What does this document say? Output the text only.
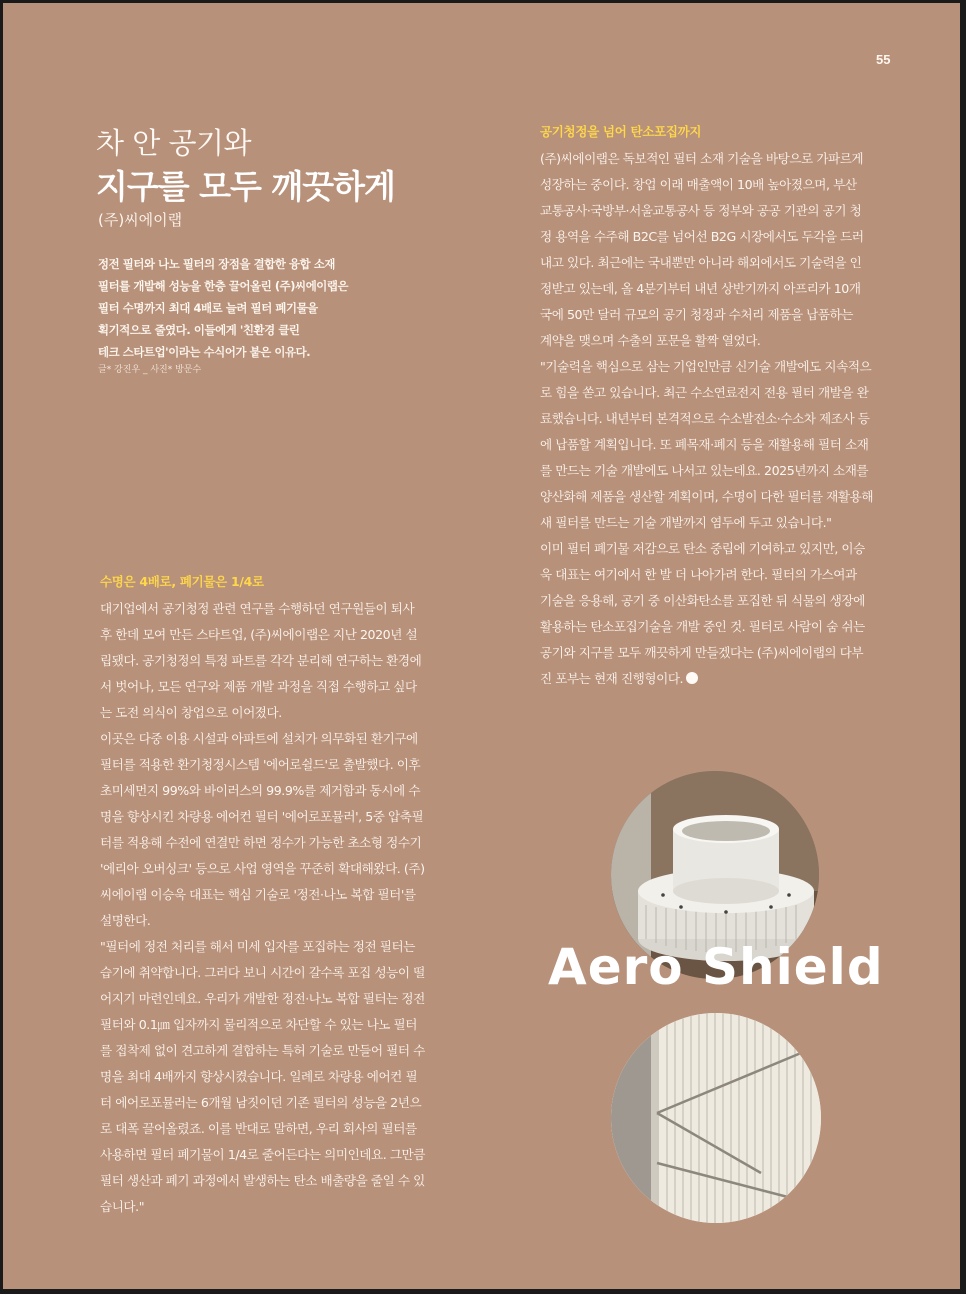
55
차 안 공기와
지구를 모두 깨끗하게
(주)씨에이랩
정전 필터와 나노 필터의 장점을 결합한 융합 소재
필터를 개발해 성능을 한층 끌어올린 (주)씨에이랩은
필터 수명까지 최대 4배로 늘려 필터 폐기물을
획기적으로 줄였다. 이들에게 '친환경 클린
테크 스타트업'이라는 수식어가 붙은 이유다.
글* 강진우 _ 사진* 방문수
수명은 4배로, 폐기물은 1/4로
대기업에서 공기청정 관련 연구를 수행하던 연구원들이 퇴사
후 한데 모여 만든 스타트업, (주)씨에이랩은 지난 2020년 설
립됐다. 공기청정의 특정 파트를 각각 분리해 연구하는 환경에
서 벗어나, 모든 연구와 제품 개발 과정을 직접 수행하고 싶다
는 도전 의식이 창업으로 이어졌다.
이곳은 다중 이용 시설과 아파트에 설치가 의무화된 환기구에
필터를 적용한 환기청정시스템 '에어로쉴드'로 출발했다. 이후
초미세먼지 99%와 바이러스의 99.9%를 제거함과 동시에 수
명을 향상시킨 차량용 에어컨 필터 '에어로포뮬러', 5중 압축필
터를 적용해 수전에 연결만 하면 정수가 가능한 초소형 정수기
'에리아 오버싱크' 등으로 사업 영역을 꾸준히 확대해왔다. (주)
씨에이랩 이승욱 대표는 핵심 기술로 '정전·나노 복합 필터'를
설명한다.
"필터에 정전 처리를 해서 미세 입자를 포집하는 정전 필터는
습기에 취약합니다. 그러다 보니 시간이 갈수록 포집 성능이 떨
어지기 마련인데요. 우리가 개발한 정전·나노 복합 필터는 정전
필터와 0.1㎛ 입자까지 물리적으로 차단할 수 있는 나노 필터
를 접착제 없이 견고하게 결합하는 특허 기술로 만들어 필터 수
명을 최대 4배까지 향상시켰습니다. 일례로 차량용 에어컨 필
터 에어로포뮬러는 6개월 남짓이던 기존 필터의 성능을 2년으
로 대폭 끌어올렸죠. 이를 반대로 말하면, 우리 회사의 필터를
사용하면 필터 폐기물이 1/4로 줄어든다는 의미인데요. 그만큼
필터 생산과 폐기 과정에서 발생하는 탄소 배출량을 줄일 수 있
습니다."
공기청정을 넘어 탄소포집까지
(주)씨에이랩은 독보적인 필터 소재 기술을 바탕으로 가파르게
성장하는 중이다. 창업 이래 매출액이 10배 높아졌으며, 부산
교통공사·국방부·서울교통공사 등 정부와 공공 기관의 공기 청
정 용역을 수주해 B2C를 넘어선 B2G 시장에서도 두각을 드러
내고 있다. 최근에는 국내뿐만 아니라 해외에서도 기술력을 인
정받고 있는데, 올 4분기부터 내년 상반기까지 아프리카 10개
국에 50만 달러 규모의 공기 청정과 수처리 제품을 납품하는
계약을 맺으며 수출의 포문을 활짝 열었다.
"기술력을 핵심으로 삼는 기업인만큼 신기술 개발에도 지속적으
로 힘을 쏟고 있습니다. 최근 수소연료전지 전용 필터 개발을 완
료했습니다. 내년부터 본격적으로 수소발전소·수소차 제조사 등
에 납품할 계획입니다. 또 폐목재·폐지 등을 재활용해 필터 소재
를 만드는 기술 개발에도 나서고 있는데요. 2025년까지 소재를
양산화해 제품을 생산할 계획이며, 수명이 다한 필터를 재활용해
새 필터를 만드는 기술 개발까지 염두에 두고 있습니다."
이미 필터 폐기물 저감으로 탄소 중립에 기여하고 있지만, 이승
욱 대표는 여기에서 한 발 더 나아가려 한다. 필터의 가스여과
기술을 응용해, 공기 중 이산화탄소를 포집한 뒤 식물의 생장에
활용하는 탄소포집기술을 개발 중인 것. 필터로 사람이 숨 쉬는
공기와 지구를 모두 깨끗하게 만들겠다는 (주)씨에이랩의 다부
진 포부는 현재 진행형이다.
Aero Shield
